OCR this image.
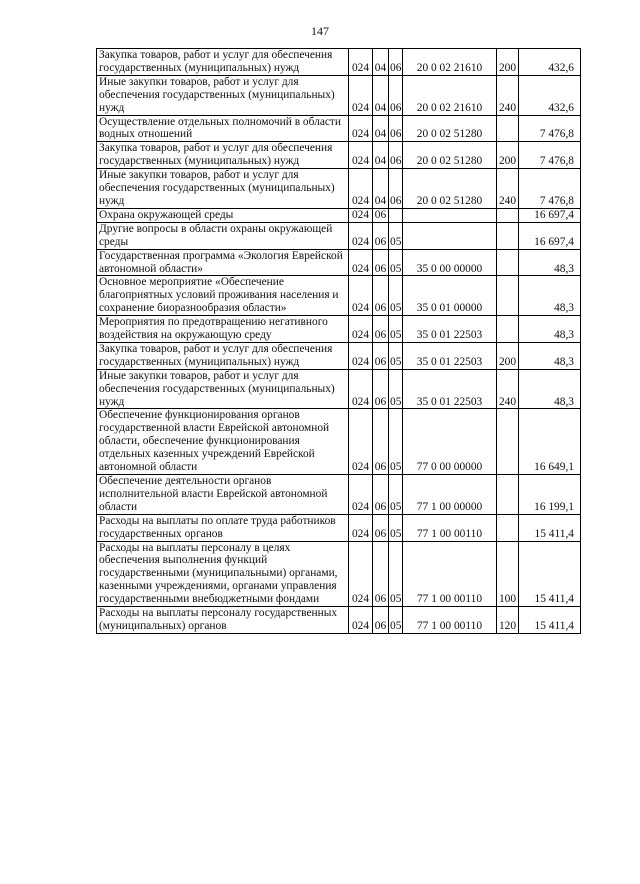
147
Закупка товаров, работ и услуг для обеспечения государственных (муниципальных) нужд	024	04	06	20 0 02 21610	200	432,6
Иные закупки товаров, работ и услуг для обеспечения государственных (муниципальных) нужд	024	04	06	20 0 02 21610	240	432,6
Осуществление отдельных полномочий в области водных отношений	024	04	06	20 0 02 51280		7 476,8
Закупка товаров, работ и услуг для обеспечения государственных (муниципальных) нужд	024	04	06	20 0 02 51280	200	7 476,8
Иные закупки товаров, работ и услуг для обеспечения государственных (муниципальных) нужд	024	04	06	20 0 02 51280	240	7 476,8
Охрана окружающей среды	024	06				16 697,4
Другие вопросы в области охраны окружающей среды	024	06	05			16 697,4
Государственная программа «Экология Еврейской автономной области»	024	06	05	35 0 00 00000		48,3
Основное мероприятие «Обеспечение благоприятных условий проживания населения и сохранение биоразнообразия области»	024	06	05	35 0 01 00000		48,3
Мероприятия по предотвращению негативного воздействия на окружающую среду	024	06	05	35 0 01 22503		48,3
Закупка товаров, работ и услуг для обеспечения государственных (муниципальных) нужд	024	06	05	35 0 01 22503	200	48,3
Иные закупки товаров, работ и услуг для обеспечения государственных (муниципальных) нужд	024	06	05	35 0 01 22503	240	48,3
Обеспечение функционирования органов государственной власти Еврейской автономной области, обеспечение функционирования отдельных казенных учреждений Еврейской автономной области	024	06	05	77 0 00 00000		16 649,1
Обеспечение деятельности органов исполнительной власти Еврейской автономной области	024	06	05	77 1 00 00000		16 199,1
Расходы на выплаты по оплате труда работников государственных органов	024	06	05	77 1 00 00110		15 411,4
Расходы на выплаты персоналу в целях обеспечения выполнения функций государственными (муниципальными) органами, казенными учреждениями, органами управления государственными внебюджетными фондами	024	06	05	77 1 00 00110	100	15 411,4
Расходы на выплаты персоналу государственных (муниципальных) органов	024	06	05	77 1 00 00110	120	15 411,4
